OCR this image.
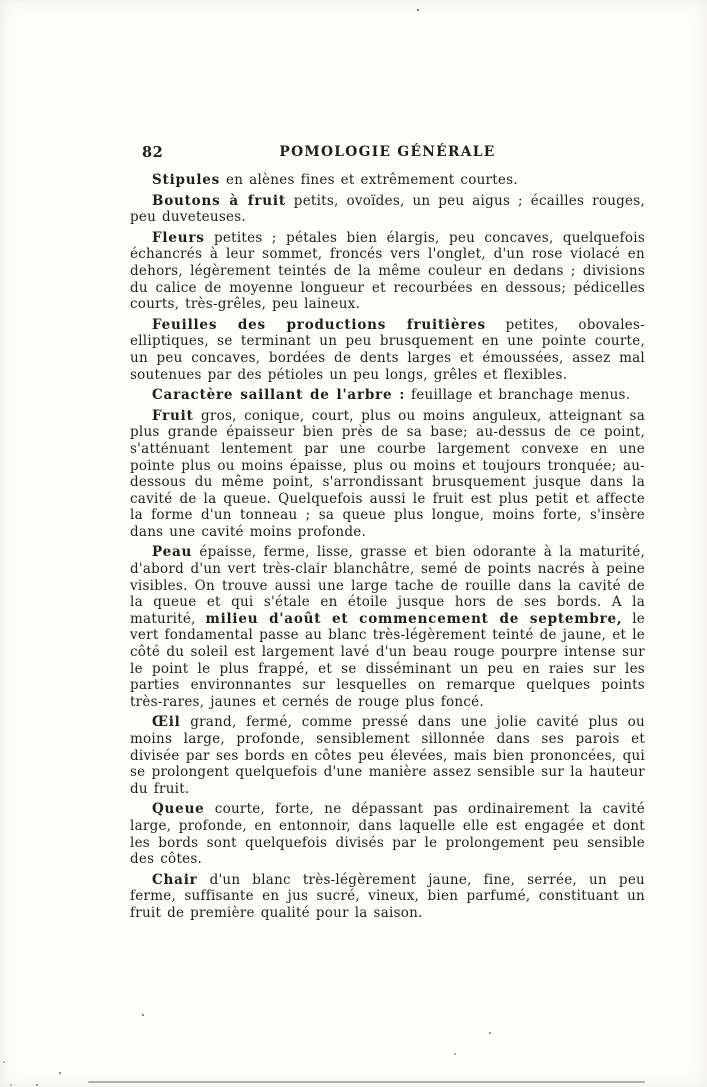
82	POMOLOGIE GÉNÉRALE

Stipules en alènes fines et extrêmement courtes.

Boutons à fruit petits, ovoïdes, un peu aigus ; écailles rouges, peu duveteuses.

Fleurs petites ; pétales bien élargis, peu concaves, quelquefois échancrés à leur sommet, froncés vers l'onglet, d'un rose violacé en dehors, légèrement teintés de la même couleur en dedans ; divisions du calice de moyenne longueur et recourbées en dessous; pédicelles courts, très-grêles, peu laineux.

Feuilles des productions fruitières petites, obovales-elliptiques, se terminant un peu brusquement en une pointe courte, un peu concaves, bordées de dents larges et émoussées, assez mal soutenues par des pétioles un peu longs, grêles et flexibles.

Caractère saillant de l'arbre : feuillage et branchage menus.

Fruit gros, conique, court, plus ou moins anguleux, atteignant sa plus grande épaisseur bien près de sa base; au-dessus de ce point, s'atténuant lentement par une courbe largement convexe en une pointe plus ou moins épaisse, plus ou moins et toujours tronquée; au-dessous du même point, s'arrondissant brusquement jusque dans la cavité de la queue. Quelquefois aussi le fruit est plus petit et affecte la forme d'un tonneau ; sa queue plus longue, moins forte, s'insère dans une cavité moins profonde.

Peau épaisse, ferme, lisse, grasse et bien odorante à la maturité, d'abord d'un vert très-clair blanchâtre, semé de points nacrés à peine visibles. On trouve aussi une large tache de rouille dans la cavité de la queue et qui s'étale en étoile jusque hors de ses bords. A la maturité, milieu d'août et commencement de septembre, le vert fondamental passe au blanc très-légèrement teinté de jaune, et le côté du soleil est largement lavé d'un beau rouge pourpre intense sur le point le plus frappé, et se disséminant un peu en raies sur les parties environnantes sur lesquelles on remarque quelques points très-rares, jaunes et cernés de rouge plus foncé.

Œil grand, fermé, comme pressé dans une jolie cavité plus ou moins large, profonde, sensiblement sillonnée dans ses parois et divisée par ses bords en côtes peu élevées, mais bien prononcées, qui se prolongent quelquefois d'une manière assez sensible sur la hauteur du fruit.

Queue courte, forte, ne dépassant pas ordinairement la cavité large, profonde, en entonnoir, dans laquelle elle est engagée et dont les bords sont quelquefois divisés par le prolongement peu sensible des côtes.

Chair d'un blanc très-légèrement jaune, fine, serrée, un peu ferme, suffisante en jus sucré, vineux, bien parfumé, constituant un fruit de première qualité pour la saison.
